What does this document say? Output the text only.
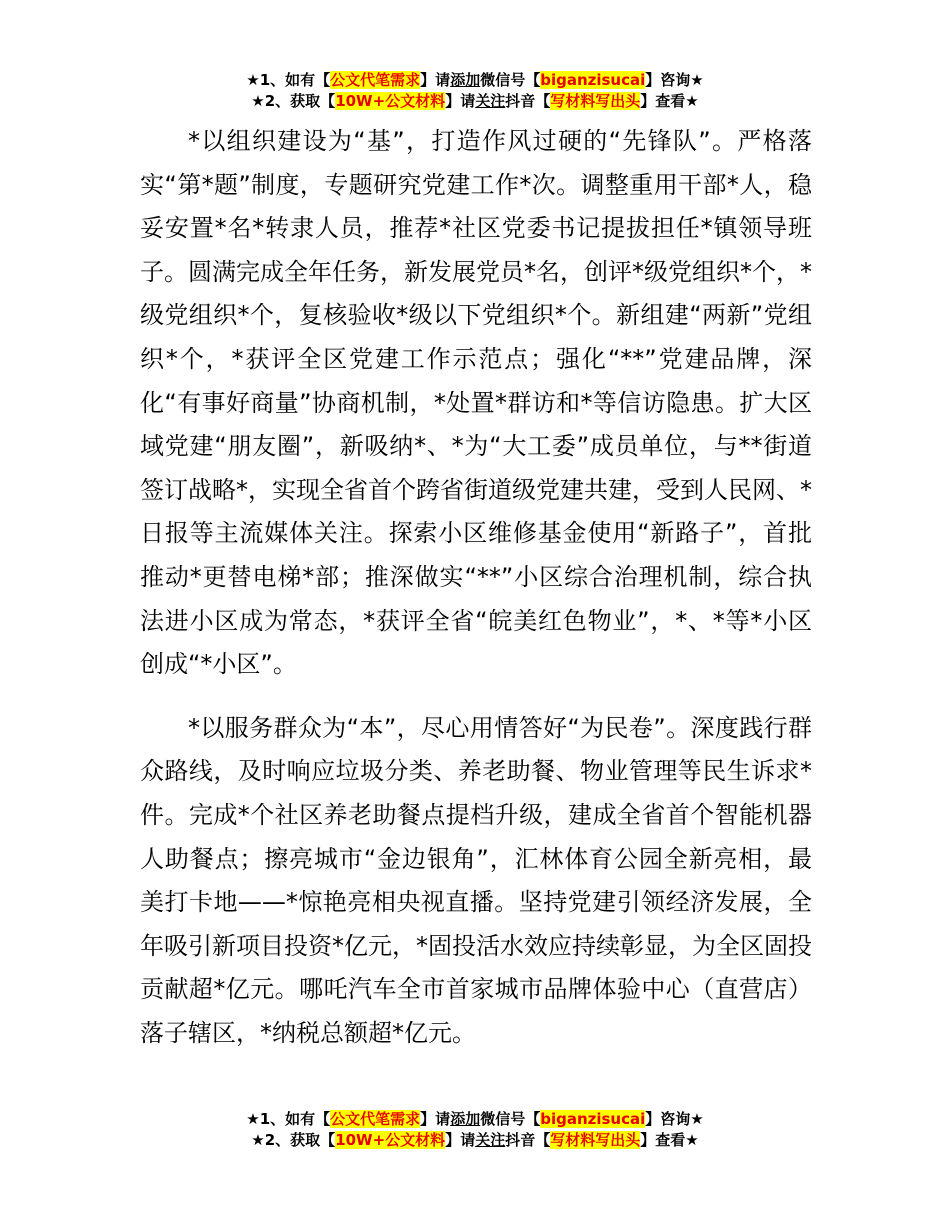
★1、如有【公文代笔需求】请添加微信号【biganzisucai】咨询★
★2、获取【10W+公文材料】请关注抖音【写材料写出头】查看★

*以组织建设为“基”，打造作风过硬的“先锋队”。严格落实“第*题”制度，专题研究党建工作*次。调整重用干部*人，稳妥安置*名*转隶人员，推荐*社区党委书记提拔担任*镇领导班子。圆满完成全年任务，新发展党员*名，创评*级党组织*个，*级党组织*个，复核验收*级以下党组织*个。新组建“两新”党组织*个，*获评全区党建工作示范点；强化“**”党建品牌，深化“有事好商量”协商机制，*处置*群访和*等信访隐患。扩大区域党建“朋友圈”，新吸纳*、*为“大工委”成员单位，与**街道签订战略*，实现全省首个跨省街道级党建共建，受到人民网、*日报等主流媒体关注。探索小区维修基金使用“新路子”，首批推动*更替电梯*部；推深做实“**”小区综合治理机制，综合执法进小区成为常态，*获评全省“皖美红色物业”，*、*等*小区创成“*小区”。

*以服务群众为“本”，尽心用情答好“为民卷”。深度践行群众路线，及时响应垃圾分类、养老助餐、物业管理等民生诉求*件。完成*个社区养老助餐点提档升级，建成全省首个智能机器人助餐点；擦亮城市“金边银角”，汇林体育公园全新亮相，最美打卡地——*惊艳亮相央视直播。坚持党建引领经济发展，全年吸引新项目投资*亿元，*固投活水效应持续彰显，为全区固投贡献超*亿元。哪吒汽车全市首家城市品牌体验中心（直营店）落子辖区，*纳税总额超*亿元。

★1、如有【公文代笔需求】请添加微信号【biganzisucai】咨询★
★2、获取【10W+公文材料】请关注抖音【写材料写出头】查看★
